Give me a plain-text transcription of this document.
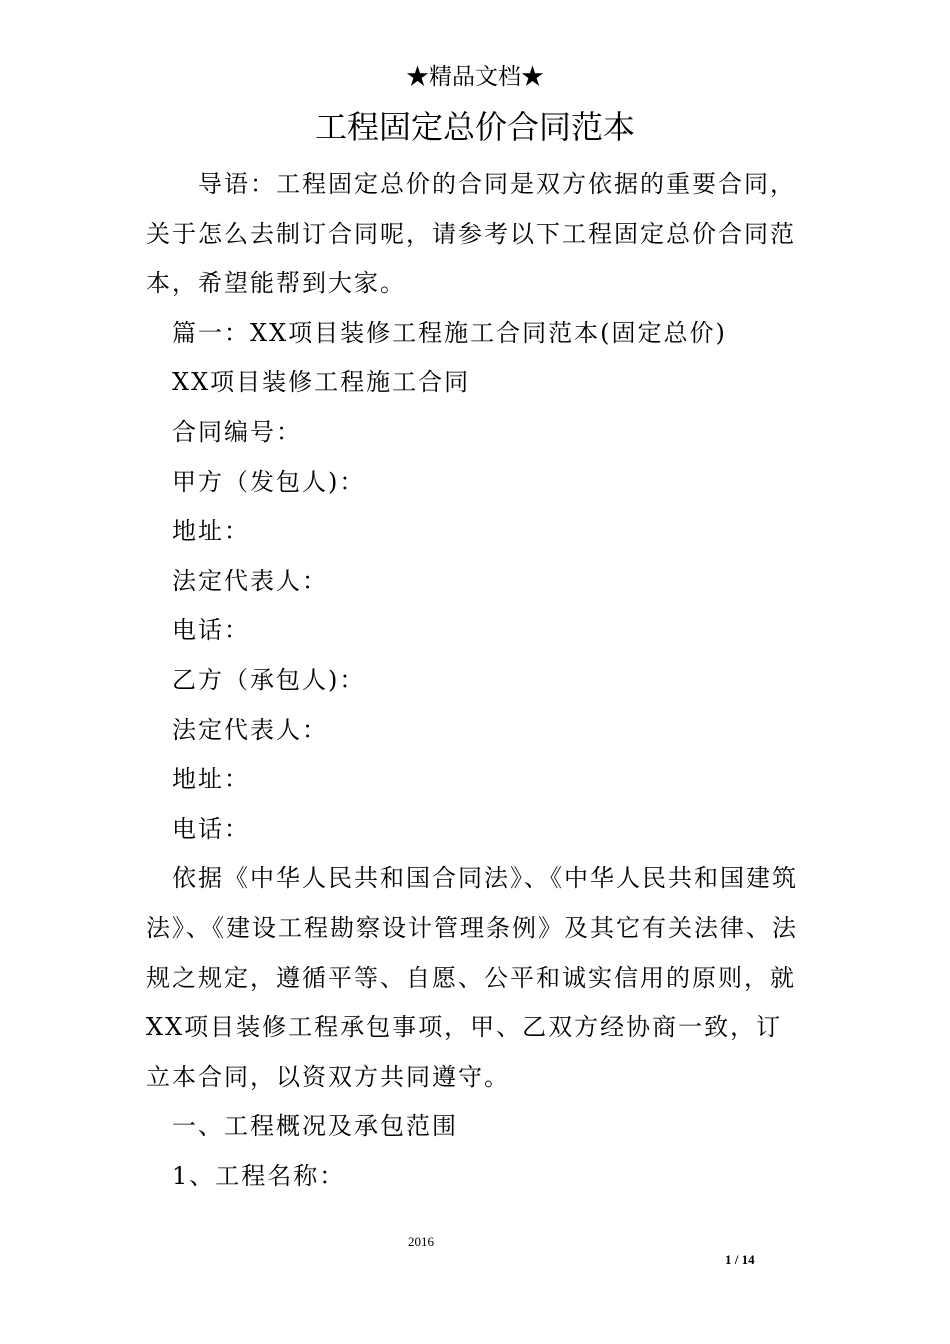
★精品文档★
工程固定总价合同范本

导语：工程固定总价的合同是双方依据的重要合同，关于怎么去制订合同呢，请参考以下工程固定总价合同范本，希望能帮到大家。

篇一：XX项目装修工程施工合同范本(固定总价)

XX项目装修工程施工合同

合同编号：

甲方（发包人)：

地址：

法定代表人：

电话：

乙方（承包人)：

法定代表人：

地址：

电话：

依据《中华人民共和国合同法》、《中华人民共和国建筑法》、《建设工程勘察设计管理条例》及其它有关法律、法规之规定，遵循平等、自愿、公平和诚实信用的原则，就XX项目装修工程承包事项，甲、乙双方经协商一致，订立本合同，以资双方共同遵守。

一、工程概况及承包范围

1、工程名称：

2016
1 / 14
